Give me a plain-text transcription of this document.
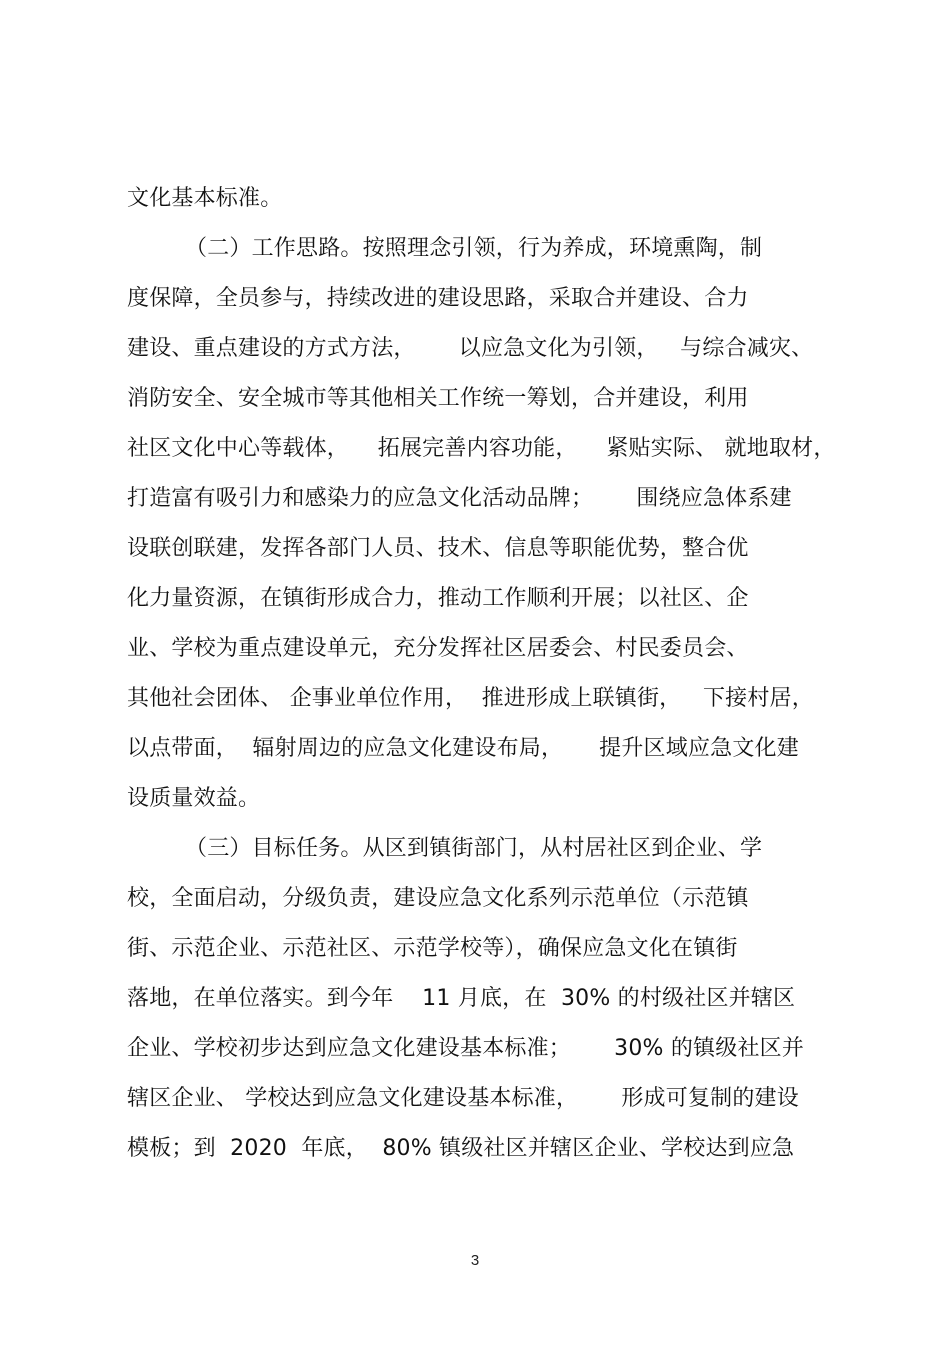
文化基本标准。
（二）工作思路。按照理念引领，行为养成，环境熏陶，制
度保障，全员参与，持续改进的建设思路，采取合并建设、合力
建设、重点建设的方式方法，      以应急文化为引领，   与综合减灾、
消防安全、安全城市等其他相关工作统一筹划，合并建设，利用
社区文化中心等载体，    拓展完善内容功能，    紧贴实际、 就地取材，
打造富有吸引力和感染力的应急文化活动品牌；      围绕应急体系建
设联创联建，发挥各部门人员、技术、信息等职能优势，整合优
化力量资源，在镇街形成合力，推动工作顺利开展；以社区、企
业、学校为重点建设单元，充分发挥社区居委会、村民委员会、
其他社会团体、 企事业单位作用，  推进形成上联镇街，   下接村居，
以点带面，  辐射周边的应急文化建设布局，     提升区域应急文化建
设质量效益。
（三）目标任务。从区到镇街部门，从村居社区到企业、学
校，全面启动，分级负责，建设应急文化系列示范单位（示范镇
街、示范企业、示范社区、示范学校等），确保应急文化在镇街
落地，在单位落实。到今年    11 月底，在  30% 的村级社区并辖区
企业、学校初步达到应急文化建设基本标准；      30% 的镇级社区并
辖区企业、 学校达到应急文化建设基本标准，      形成可复制的建设
模板；到  2020  年底，  80% 镇级社区并辖区企业、学校达到应急
3
